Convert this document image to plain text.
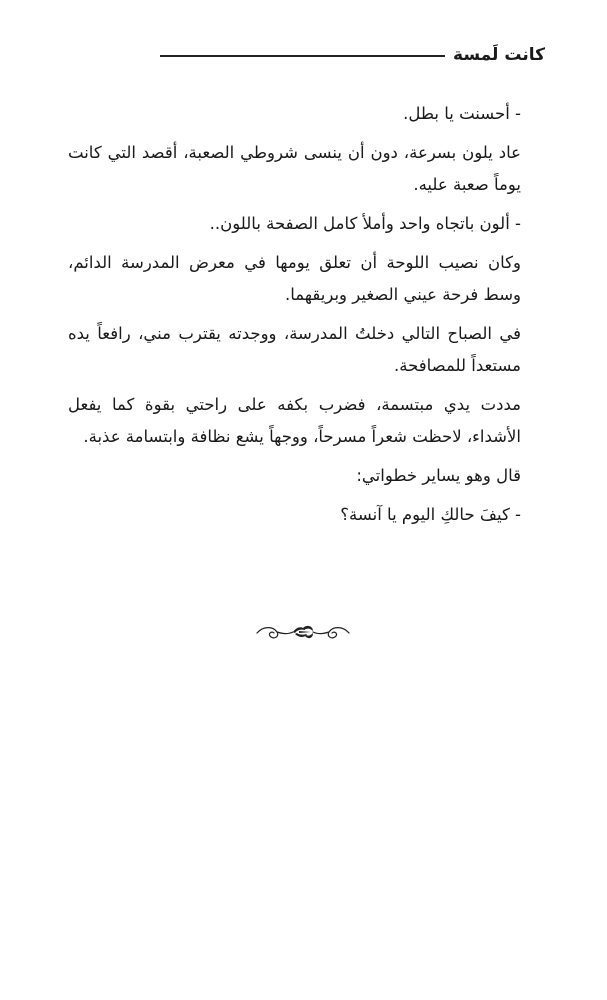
كانت لَمسة

- أحسنت يا بطل.

عاد يلون بسرعة، دون أن ينسى شروطي الصعبة، أقصد التي كانت يوماً صعبة عليه.

- ألون باتجاه واحد وأملأ كامل الصفحة باللون..

وكان نصيب اللوحة أن تعلق يومها في معرض المدرسة الدائم، وسط فرحة عيني الصغير وبريقهما.

في الصباح التالي دخلتُ المدرسة، ووجدته يقترب مني، رافعاً يده مستعداً للمصافحة.

مددت يدي مبتسمة، فضرب بكفه على راحتي بقوة كما يفعل الأشداء، لاحظت شعراً مسرحاً، ووجهاً يشع نظافة وابتسامة عذبة.

قال وهو يساير خطواتي:

- كيفَ حالكِ اليوم يا آنسة؟
